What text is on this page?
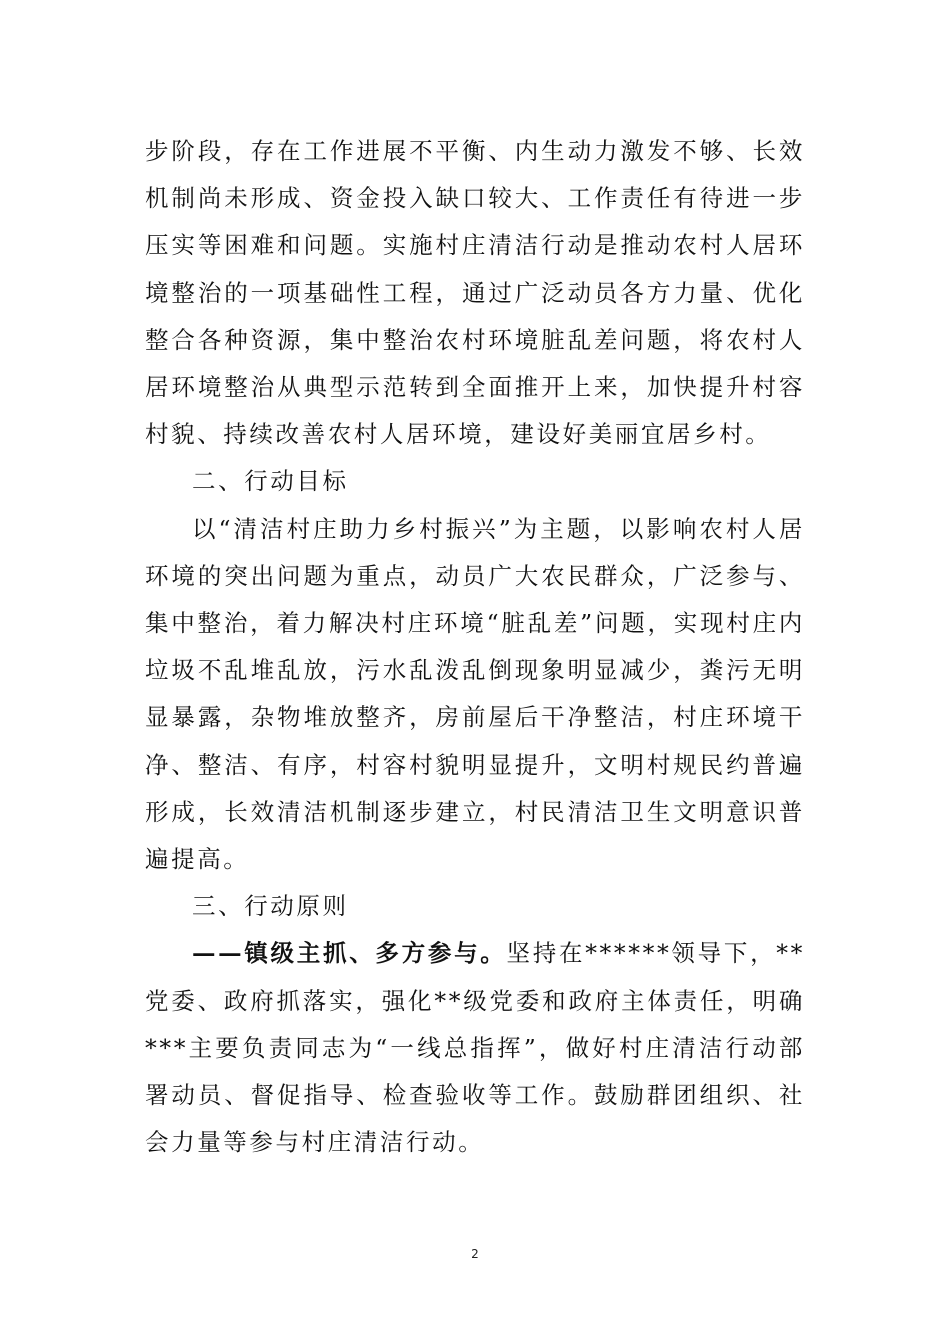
步阶段，存在工作进展不平衡、内生动力激发不够、长效机制尚未形成、资金投入缺口较大、工作责任有待进一步压实等困难和问题。实施村庄清洁行动是推动农村人居环境整治的一项基础性工程，通过广泛动员各方力量、优化整合各种资源，集中整治农村环境脏乱差问题，将农村人居环境整治从典型示范转到全面推开上来，加快提升村容村貌、持续改善农村人居环境，建设好美丽宜居乡村。

二、行动目标

以“清洁村庄助力乡村振兴”为主题，以影响农村人居环境的突出问题为重点，动员广大农民群众，广泛参与、集中整治，着力解决村庄环境“脏乱差”问题，实现村庄内垃圾不乱堆乱放，污水乱泼乱倒现象明显减少，粪污无明显暴露，杂物堆放整齐，房前屋后干净整洁，村庄环境干净、整洁、有序，村容村貌明显提升，文明村规民约普遍形成，长效清洁机制逐步建立，村民清洁卫生文明意识普遍提高。

三、行动原则

——镇级主抓、多方参与。坚持在******领导下，**党委、政府抓落实，强化**级党委和政府主体责任，明确***主要负责同志为“一线总指挥”，做好村庄清洁行动部署动员、督促指导、检查验收等工作。鼓励群团组织、社会力量等参与村庄清洁行动。

2
